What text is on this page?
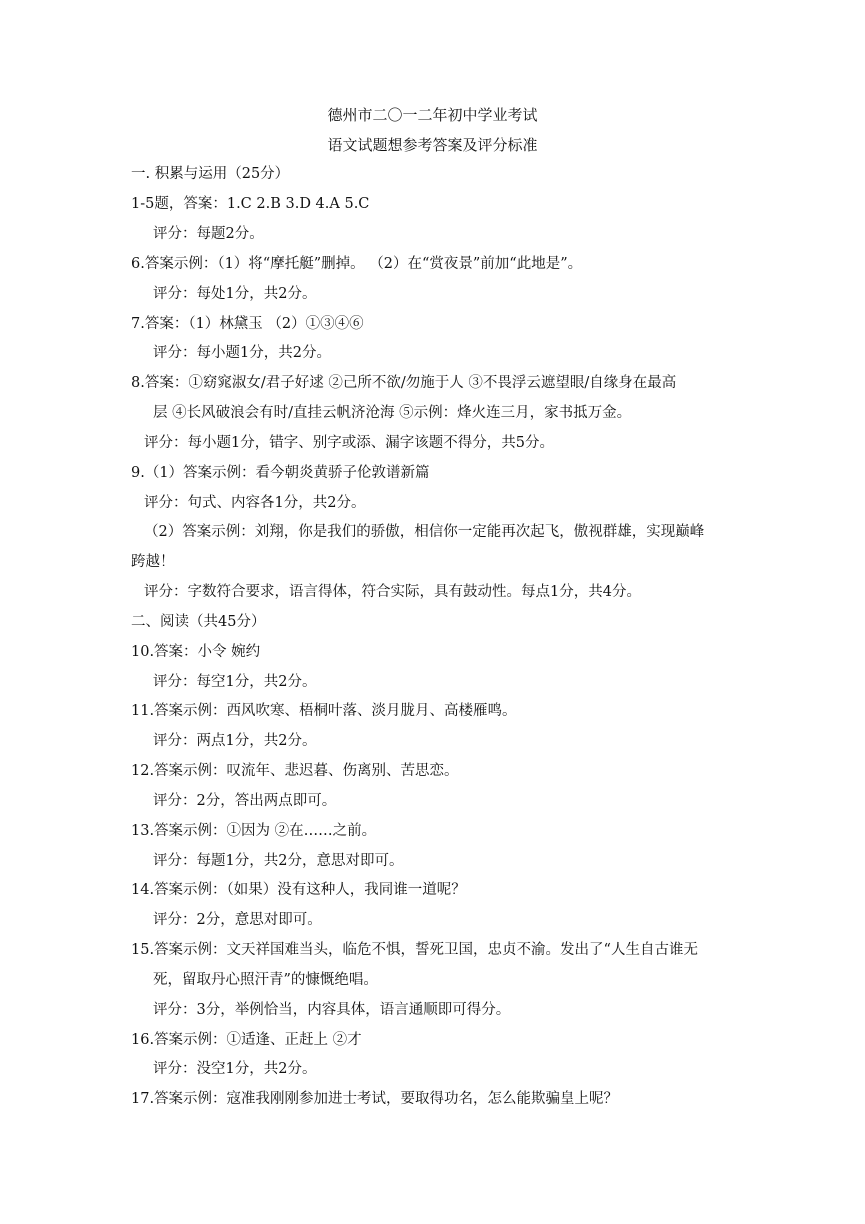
德州市二〇一二年初中学业考试
语文试题想参考答案及评分标准
一. 积累与运用（25分）
1-5题，答案：1.C 2.B 3.D 4.A 5.C
评分：每题2分。
6.答案示例：（1）将“摩托艇”删掉。 （2）在“赏夜景”前加“此地是”。
评分：每处1分，共2分。
7.答案：（1）林黛玉 （2）①③④⑥
评分：每小题1分，共2分。
8.答案：①窈窕淑女/君子好逑 ②己所不欲/勿施于人 ③不畏浮云遮望眼/自缘身在最高
层 ④长风破浪会有时/直挂云帆济沧海 ⑤示例：烽火连三月，家书抵万金。
评分：每小题1分，错字、别字或添、漏字该题不得分，共5分。
9.（1）答案示例：看今朝炎黄骄子伦敦谱新篇
评分：句式、内容各1分，共2分。
（2）答案示例：刘翔，你是我们的骄傲，相信你一定能再次起飞，傲视群雄，实现巅峰
跨越！
评分：字数符合要求，语言得体，符合实际，具有鼓动性。每点1分，共4分。
二、阅读（共45分）
10.答案：小令 婉约
评分：每空1分，共2分。
11.答案示例：西风吹寒、梧桐叶落、淡月胧月、高楼雁鸣。
评分：两点1分，共2分。
12.答案示例：叹流年、悲迟暮、伤离别、苦思恋。
评分：2分，答出两点即可。
13.答案示例：①因为 ②在……之前。
评分：每题1分，共2分，意思对即可。
14.答案示例：（如果）没有这种人，我同谁一道呢？
评分：2分，意思对即可。
15.答案示例：文天祥国难当头，临危不惧，誓死卫国，忠贞不渝。发出了“人生自古谁无
死，留取丹心照汗青”的慷慨绝唱。
评分：3分，举例恰当，内容具体，语言通顺即可得分。
16.答案示例：①适逢、正赶上 ②才
评分：没空1分，共2分。
17.答案示例：寇准我刚刚参加进士考试，要取得功名，怎么能欺骗皇上呢？
